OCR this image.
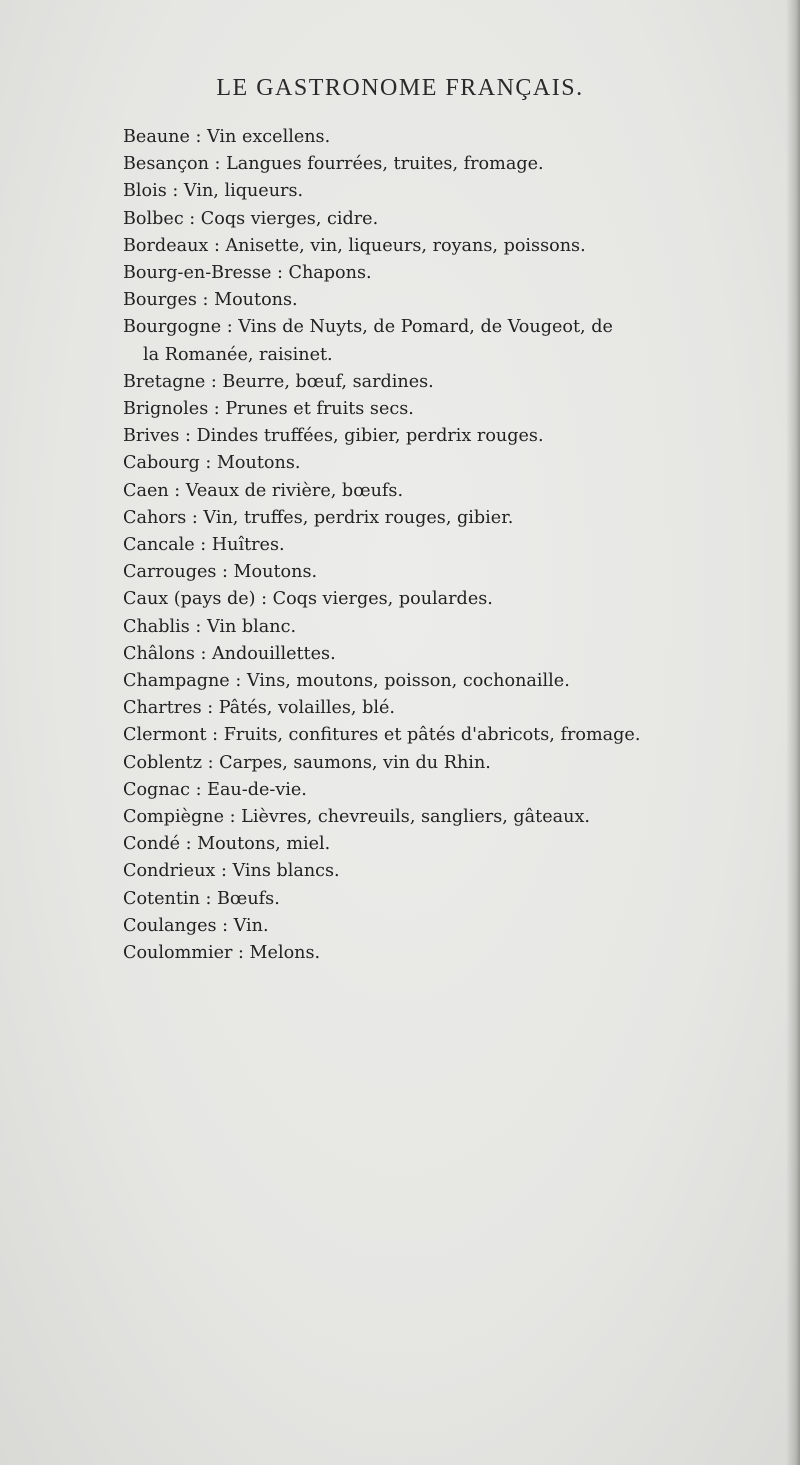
LE GASTRONOME FRANÇAIS.
Beaune : Vin excellens.
Besançon : Langues fourrées, truites, fromage.
Blois : Vin, liqueurs.
Bolbec : Coqs vierges, cidre.
Bordeaux : Anisette, vin, liqueurs, royans, poissons.
Bourg-en-Bresse : Chapons.
Bourges : Moutons.
Bourgogne : Vins de Nuyts, de Pomard, de Vougeot, de
la Romanée, raisinet.
Bretagne : Beurre, bœuf, sardines.
Brignoles : Prunes et fruits secs.
Brives : Dindes truffées, gibier, perdrix rouges.
Cabourg : Moutons.
Caen : Veaux de rivière, bœufs.
Cahors : Vin, truffes, perdrix rouges, gibier.
Cancale : Huîtres.
Carrouges : Moutons.
Caux (pays de) : Coqs vierges, poulardes.
Chablis : Vin blanc.
Châlons : Andouillettes.
Champagne : Vins, moutons, poisson, cochonaille.
Chartres : Pâtés, volailles, blé.
Clermont : Fruits, confitures et pâtés d'abricots, fromage.
Coblentz : Carpes, saumons, vin du Rhin.
Cognac : Eau-de-vie.
Compiègne : Lièvres, chevreuils, sangliers, gâteaux.
Condé : Moutons, miel.
Condrieux : Vins blancs.
Cotentin : Bœufs.
Coulanges : Vin.
Coulommier : Melons.
